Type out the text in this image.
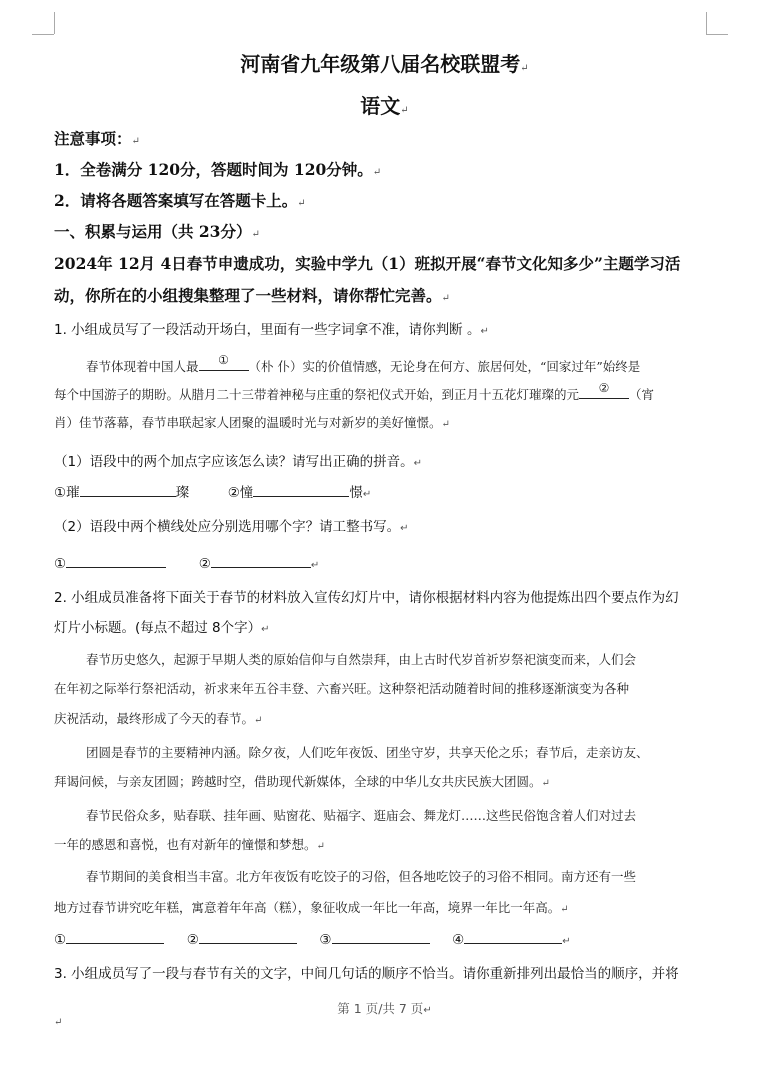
河南省九年级第八届名校联盟考↵
语文↵
注意事项：↵
1．全卷满分 120分，答题时间为 120分钟。↵
2．请将各题答案填写在答题卡上。↵
一、积累与运用（共 23分）↵
2024年 12月 4日春节申遗成功，实验中学九（1）班拟开展“春节文化知多少”主题学习活
动，你所在的小组搜集整理了一些材料，请你帮忙完善。↵
1. 小组成员写了一段活动开场白，里面有一些字词拿不准，请你判断 。↵
春节体现着中国人最	①	（朴 仆）实的价值情感，无论身在何方、旅居何处，“回家过年”始终是
每个中国游子的期盼。从腊月二十三带着神秘与庄重的祭祀仪式开始，到正月十五花灯璀璨的元	②	（宵
肖）佳节落幕，春节串联起家人团聚的温暖时光与对新岁的美好憧憬。↵
（1）语段中的两个加点字应该怎么读？请写出正确的拼音。↵
①璀	璨	②憧	憬↵
（2）语段中两个横线处应分别选用哪个字？请工整书写。↵
①	②	↵
2. 小组成员准备将下面关于春节的材料放入宣传幻灯片中，请你根据材料内容为他提炼出四个要点作为幻
灯片小标题。(每点不超过 8个字）↵
春节历史悠久，起源于早期人类的原始信仰与自然崇拜，由上古时代岁首祈岁祭祀演变而来，人们会
在年初之际举行祭祀活动，祈求来年五谷丰登、六畜兴旺。这种祭祀活动随着时间的推移逐渐演变为各种
庆祝活动，最终形成了今天的春节。↵
团圆是春节的主要精神内涵。除夕夜，人们吃年夜饭、团坐守岁，共享天伦之乐；春节后，走亲访友、
拜谒问候，与亲友团圆；跨越时空，借助现代新媒体，全球的中华儿女共庆民族大团圆。↵
春节民俗众多，贴春联、挂年画、贴窗花、贴福字、逛庙会、舞龙灯……这些民俗饱含着人们对过去
一年的感恩和喜悦，也有对新年的憧憬和梦想。↵
春节期间的美食相当丰富。北方年夜饭有吃饺子的习俗，但各地吃饺子的习俗不相同。南方还有一些
地方过春节讲究吃年糕，寓意着年年高（糕），象征收成一年比一年高，境界一年比一年高。↵
①	②	③	④	↵
3. 小组成员写了一段与春节有关的文字，中间几句话的顺序不恰当。请你重新排列出最恰当的顺序，并将
第 1 页/共 7 页↵
↵
